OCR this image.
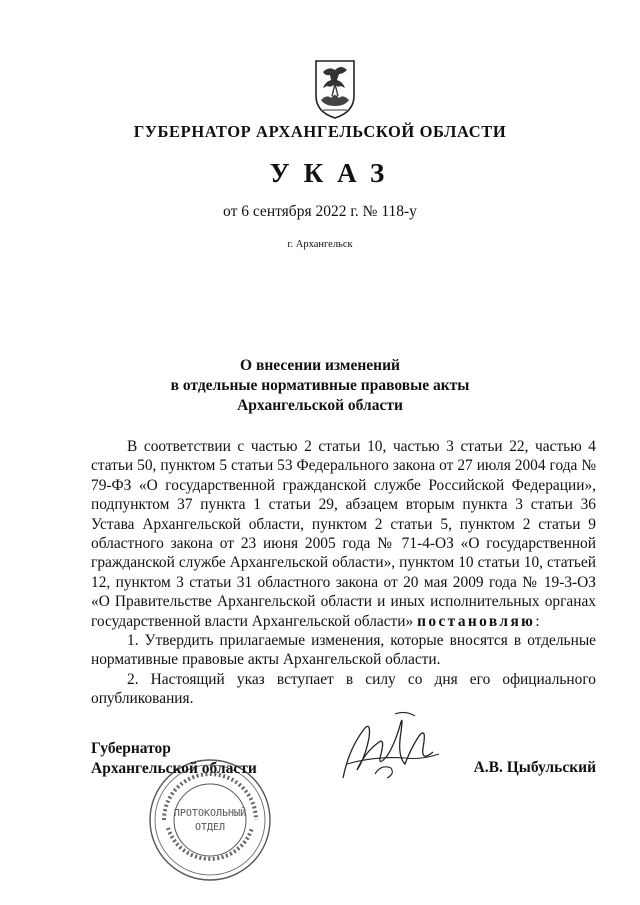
ГУБЕРНАТОР АРХАНГЕЛЬСКОЙ ОБЛАСТИ
УКАЗ
от 6 сентября 2022 г. № 118-у
г. Архангельск
О внесении изменений
в отдельные нормативные правовые акты
Архангельской области

В соответствии с частью 2 статьи 10, частью 3 статьи 22, частью 4 статьи 50, пунктом 5 статьи 53 Федерального закона от 27 июля 2004 года № 79-ФЗ «О государственной гражданской службе Российской Федерации», подпунктом 37 пункта 1 статьи 29, абзацем вторым пункта 3 статьи 36 Устава Архангельской области, пунктом 2 статьи 5, пунктом 2 статьи 9 областного закона от 23 июня 2005 года № 71-4-ОЗ «О государственной гражданской службе Архангельской области», пунктом 10 статьи 10, статьей 12, пунктом 3 статьи 31 областного закона от 20 мая 2009 года № 19-3-ОЗ «О Правительстве Архангельской области и иных исполнительных органах государственной власти Архангельской области» постановляю:

1. Утвердить прилагаемые изменения, которые вносятся в отдельные нормативные правовые акты Архангельской области.

2. Настоящий указ вступает в силу со дня его официального опубликования.

ПРОТОКОЛЬНЫЙ
ОТДЕЛ
Губернатор
Архангельской области	А.В. Цыбульский
